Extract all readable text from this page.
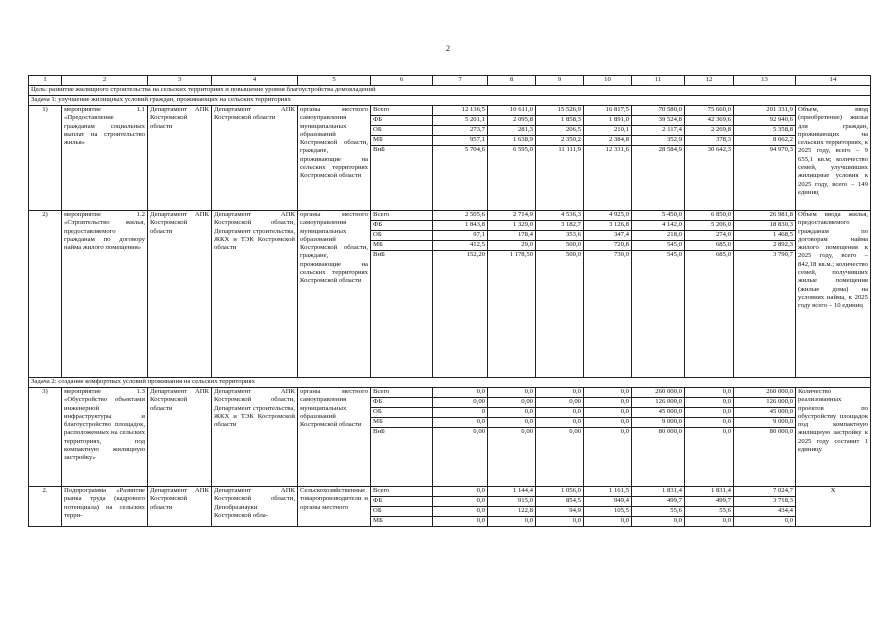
2
1	2	3	4	5	6	7	8	9	10	11	12	13	14
Цель: развитие жилищного строительства на сельских территориях и повышение уровня благоустройства домовладений													
Задача 1: улучшение жилищных условий граждан, проживающих на сельских территориях													
1)	мероприятие 1.1 «Предоставление гражданам социальных выплат на строительство жилья»	Департамент АПК Костромской области	Департамент АПК Костромской области	органы местного самоуправления муниципальных образований Костромской области, граждане, проживающие на сельских территориях Костромской области	Всего	12 136,5	10 611,0	15 526,9	16 817,5	70 580,0	75 660,0	201 331,9	Объем, ввод (приобретение) жилья для граждан, проживающих на сельских территориях, к 2025 году, всего – 9 655,1 кв.м; количество семей, улучшивших жилищные условия к 2025 году, всего – 149 единиц
					ФБ	5 201,1	2 095,8	1 858,3	1 891,0	39 524,8	42 369,6	92 940,6	
					ОБ	273,7	281,3	206,5	210,1	2 117,4	2 269,8	5 358,8	
					МБ	957,1	1 638,9	2 350,2	2 384,8	352,9	378,3	8 062,2	
					ВнБ	5 704,6	6 595,0	11 111,9	12 331,6	28 584,9	30 642,3	94 970,3	
2)	мероприятие 1.2 «Строительство жилья, предоставляемого гражданам по договору найма жилого помещения»	Департамент АПК Костромской области	Департамент АПК Костромской области, Департамент строительства, ЖКХ и ТЭК Костромской области	органы местного самоуправления муниципальных образований Костромской области, граждане, проживающие на сельских территориях Костромской области	Всего	2 505,6	2 714,9	4 536,3	4 925,0	5 450,0	6 850,0	26 981,8	Объем ввода жилья, предоставляемого гражданам по договорам найма жилого помещения к 2025 году, всего – 842,18 кв.м.; количество семей, получивших жилые помещения (жилые дома) на условиях найма, к 2025 году всего – 10 единиц
					ФБ	1 843,8	1 329,0	3 182,7	3 126,8	4 142,0	5 206,0	18 830,3	
					ОБ	97,1	178,4	353,6	347,4	218,0	274,0	1 468,5	
					МБ	412,5	29,0	500,0	720,8	545,0	685,0	2 892,3	
					ВнБ	152,20	1 178,50	500,0	730,0	545,0	685,0	3 790,7	
Задача 2: создание комфортных условий проживания на сельских территориях													
3)	мероприятие 1.3 «Обустройство объектами инженерной инфраструктуры и благоустройство площадок, расположенных на сельских территориях, под компактную жилищную застройку»	Департамент АПК Костромской области	Департамент АПК Костромской области, Департамент строительства, ЖКХ и ТЭК Костромской области	органы местного самоуправления муниципальных образований Костромской области	Всего	0,0	0,0	0,0	0,0	260 000,0	0,0	260 000,0	Количество реализованных проектов по обустройству площадок под компактную жилищную застройку к 2025 году составит 1 единицу
					ФБ	0,00	0,00	0,00	0,0	126 000,0	0,0	126 000,0	
					ОБ	0	0,0	0,0	0,0	45 000,0	0,0	45 000,0	
					МБ	0,0	0,0	0,0	0,0	9 000,0	0,0	9 000,0	
					ВнБ	0,00	0,00	0,00	0,0	80 000,0	0,0	80 000,0	
2.	Подпрограмма «Развитие рынка труда (кадрового потенциала) на сельских терри-	Департамент АПК Костромской области	Департамент АПК Костромской области, Депобразнауки Костромской обла-	Сельскохозяйственные товаропроизводители и органы местного	Всего	0,0	1 144,4	1 056,0	1 161,5	1 831,4	1 831,4	7 024,7	Х
					ФБ	0,0	915,0	854,5	949,4	499,7	499,7	3 718,3	
					ОБ	0,0	122,8	94,9	105,5	55,6	55,6	434,4	
					МБ	0,0	0,0	0,0	0,0	0,0	0,0	0,0	
